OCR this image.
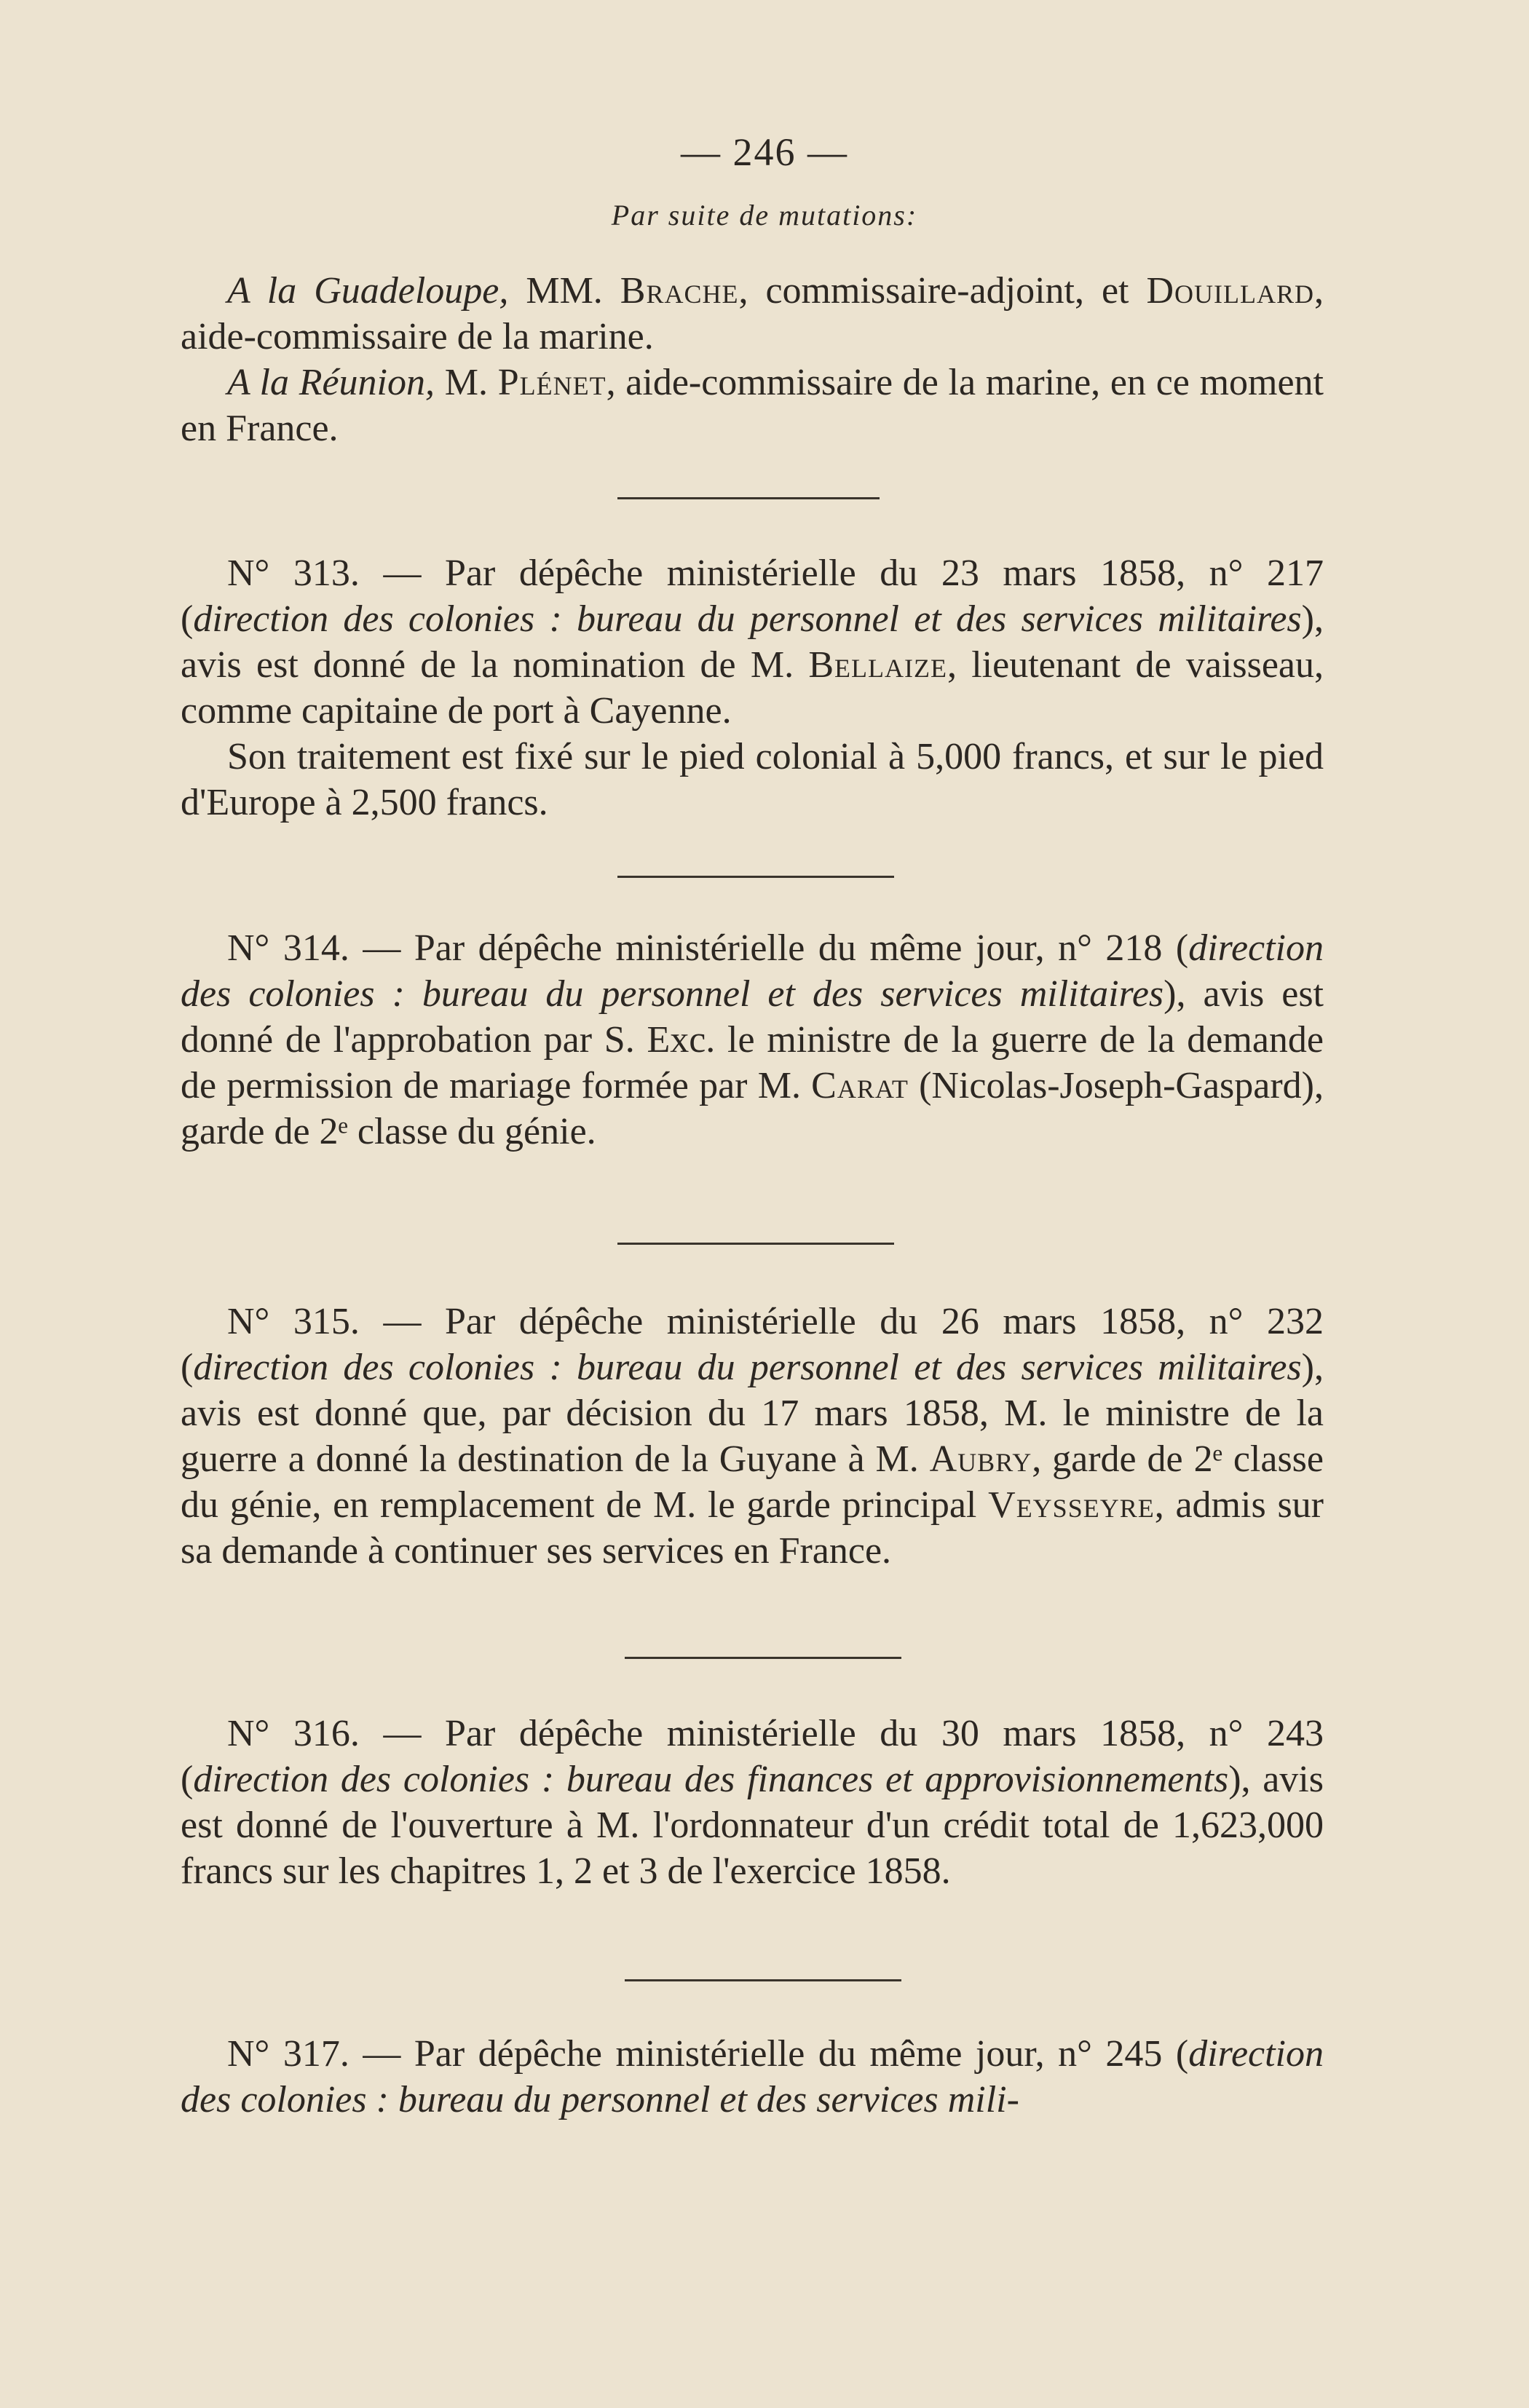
— 246 —
Par suite de mutations:

A la Guadeloupe, MM. Brache, commissaire-adjoint, et Douillard, aide-commissaire de la marine.

A la Réunion, M. Plénet, aide-commissaire de la marine, en ce moment en France.

N° 313. — Par dépêche ministérielle du 23 mars 1858, n° 217 (direction des colonies : bureau du personnel et des services militaires), avis est donné de la nomination de M. Bellaize, lieutenant de vaisseau, comme capitaine de port à Cayenne.

Son traitement est fixé sur le pied colonial à 5,000 francs, et sur le pied d'Europe à 2,500 francs.

N° 314. — Par dépêche ministérielle du même jour, n° 218 (direction des colonies : bureau du personnel et des services militaires), avis est donné de l'approbation par S. Exc. le ministre de la guerre de la demande de permission de mariage formée par M. Carat (Nicolas-Joseph-Gaspard), garde de 2ᵉ classe du génie.

N° 315. — Par dépêche ministérielle du 26 mars 1858, n° 232 (direction des colonies : bureau du personnel et des services militaires), avis est donné que, par décision du 17 mars 1858, M. le ministre de la guerre a donné la destination de la Guyane à M. Aubry, garde de 2ᵉ classe du génie, en remplacement de M. le garde principal Veysseyre, admis sur sa demande à continuer ses services en France.

N° 316. — Par dépêche ministérielle du 30 mars 1858, n° 243 (direction des colonies : bureau des finances et approvisionnements), avis est donné de l'ouverture à M. l'ordonnateur d'un crédit total de 1,623,000 francs sur les chapitres 1, 2 et 3 de l'exercice 1858.

N° 317. — Par dépêche ministérielle du même jour, n° 245 (direction des colonies : bureau du personnel et des services mili-
